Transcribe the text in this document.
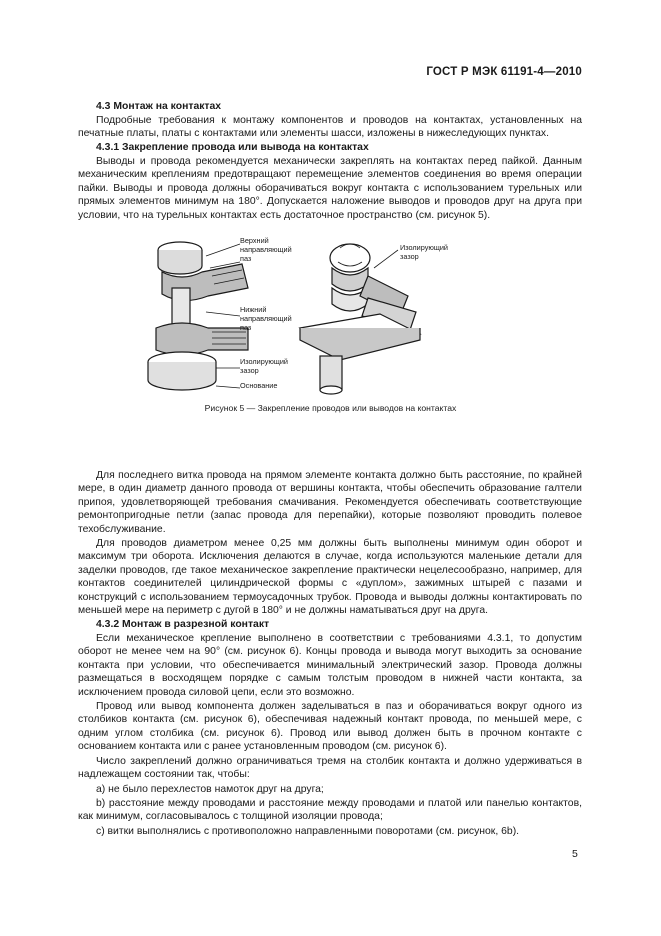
ГОСТ Р МЭК 61191-4—2010
4.3 Монтаж на контактах
Подробные требования к монтажу компонентов и проводов на контактах, установленных на печатные платы, платы с контактами или элементы шасси, изложены в нижеследующих пунктах.
4.3.1 Закрепление провода или вывода на контактах
Выводы и провода рекомендуется механически закреплять на контактах перед пайкой. Данным механическим креплениям предотвращают перемещение элементов соединения во время операции пайки. Выводы и провода должны оборачиваться вокруг контакта с использованием турельных или прямых элементов минимум на 180°. Допускается наложение выводов и проводов друг на друга при условии, что на турельных контактах есть достаточное пространство (см. рисунок 5).
Верхний
направляющий
паз
Нижний
направляющий
паз
Изолирующий
зазор
Основание
Изолирующий
зазор
Рисунок 5 — Закрепление проводов или выводов на контактах
Для последнего витка провода на прямом элементе контакта должно быть расстояние, по крайней мере, в один диаметр данного провода от вершины контакта, чтобы обеспечить образование галтели припоя, удовлетворяющей требования смачивания. Рекомендуется обеспечивать соответствующие ремонтопригодные петли (запас провода для перепайки), которые позволяют проводить полевое техобслуживание.
Для проводов диаметром менее 0,25 мм должны быть выполнены минимум один оборот и максимум три оборота. Исключения делаются в случае, когда используются маленькие детали для заделки проводов, где такое механическое закрепление практически нецелесообразно, например, для контактов соединителей цилиндрической формы с «дуплом», зажимных штырей с пазами и конструкций с использованием термоусадочных трубок. Провода и выводы должны контактировать по меньшей мере на периметр с дугой в 180° и не должны наматываться друг на друга.
4.3.2 Монтаж в разрезной контакт
Если механическое крепление выполнено в соответствии с требованиями 4.3.1, то допустим оборот не менее чем на 90° (см. рисунок 6). Концы провода и вывода могут выходить за основание контакта при условии, что обеспечивается минимальный электрический зазор. Провода должны размещаться в восходящем порядке с самым толстым проводом в нижней части контакта, за исключением провода силовой цепи, если это возможно.
Провод или вывод компонента должен заделываться в паз и оборачиваться вокруг одного из столбиков контакта (см. рисунок 6), обеспечивая надежный контакт провода, по меньшей мере, с одним углом столбика (см. рисунок 6). Провод или вывод должен быть в прочном контакте с основанием контакта или с ранее установленным проводом (см. рисунок 6).
Число закреплений должно ограничиваться тремя на столбик контакта и должно удерживаться в надлежащем состоянии так, чтобы:
a) не было перехлестов намоток друг на друга;
b) расстояние между проводами и расстояние между проводами и платой или панелью контактов, как минимум, согласовывалось с толщиной изоляции провода;
c) витки выполнялись с противоположно направленными поворотами (см. рисунок, 6b).
5
